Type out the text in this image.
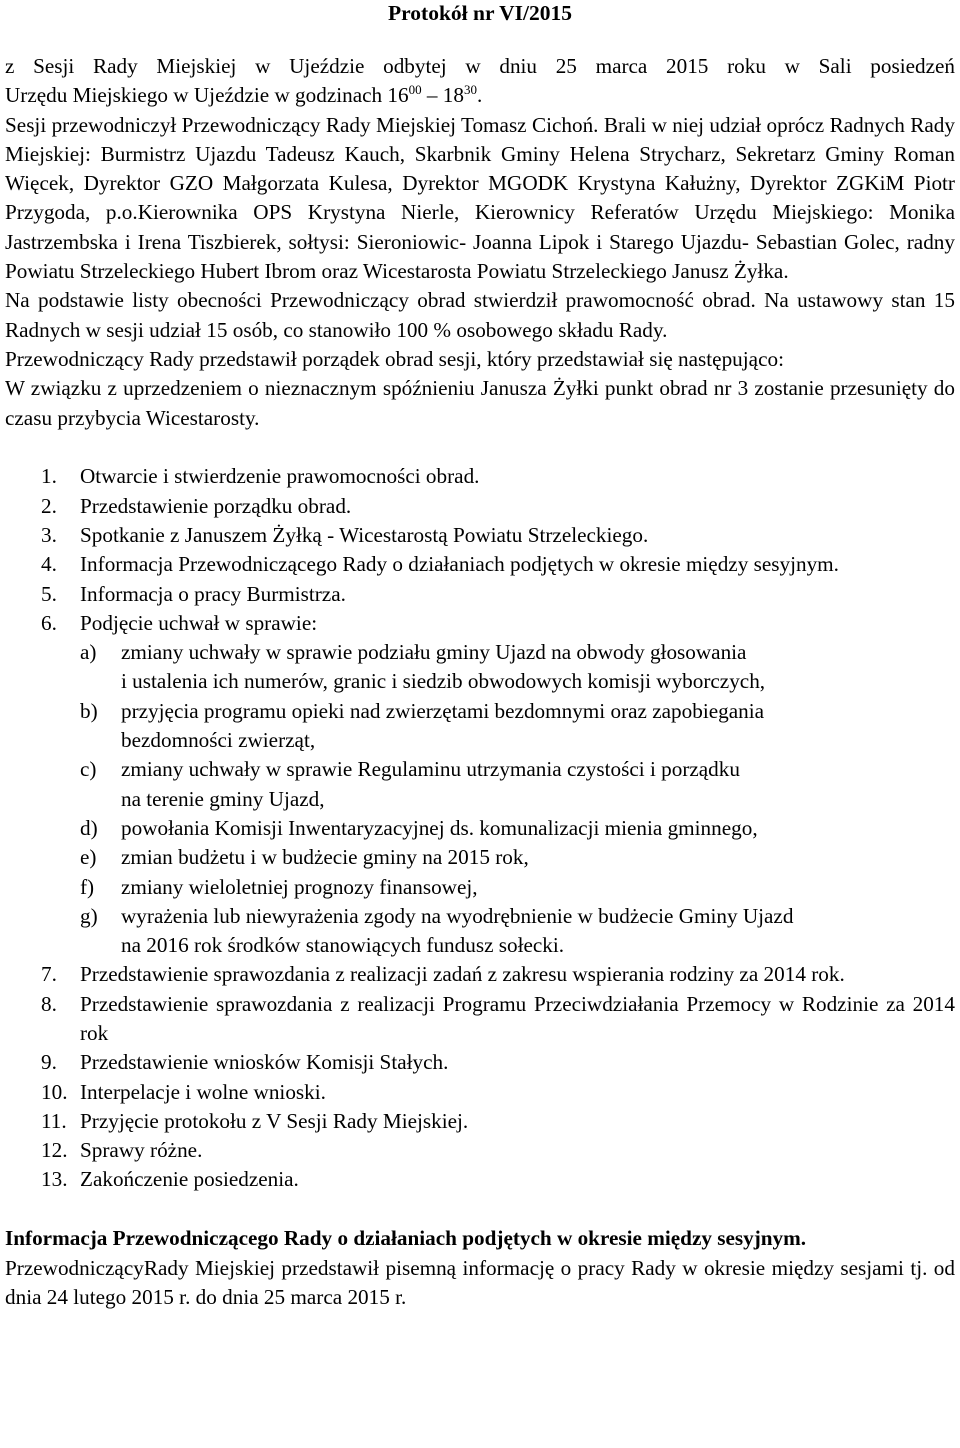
Protokół nr VI/2015

z Sesji Rady Miejskiej w Ujeździe odbytej w dniu 25 marca 2015 roku w Sali posiedzeń

Urzędu Miejskiego w Ujeździe w godzinach $16^{00} - 18^{30}$.

Sesji przewodniczył Przewodniczący Rady Miejskiej Tomasz Cichoń. Brali w niej udział oprócz Radnych Rady Miejskiej: Burmistrz Ujazdu Tadeusz Kauch, Skarbnik Gminy Helena Strycharz, Sekretarz Gminy Roman Więcek, Dyrektor GZO Małgorzata Kulesa, Dyrektor MGODK Krystyna Kałużny, Dyrektor ZGKiM Piotr Przygoda, p.o.Kierownika OPS Krystyna Nierle, Kierownicy Referatów Urzędu Miejskiego: Monika Jastrzembska i Irena Tiszbierek, sołtysi: Sieroniowic- Joanna Lipok i Starego Ujazdu- Sebastian Golec, radny Powiatu Strzeleckiego Hubert Ibrom oraz Wicestarosta Powiatu Strzeleckiego Janusz Żyłka.

Na podstawie listy obecności Przewodniczący obrad stwierdził prawomocność obrad. Na ustawowy stan 15 Radnych w sesji udział 15 osób, co stanowiło 100 % osobowego składu Rady.

Przewodniczący Rady przedstawił porządek obrad sesji, który przedstawiał się następująco:

W związku z uprzedzeniem o nieznacznym spóźnieniu Janusza Żyłki punkt obrad nr 3 zostanie przesunięty do czasu przybycia Wicestarosty.

1. Otwarcie i stwierdzenie prawomocności obrad.
2. Przedstawienie porządku obrad.
3. Spotkanie z Januszem Żyłką - Wicestarostą Powiatu Strzeleckiego.
4. Informacja Przewodniczącego Rady o działaniach podjętych w okresie między sesyjnym.
5. Informacja o pracy Burmistrza.
6. Podjęcie uchwał w sprawie:
a) zmiany uchwały w sprawie podziału gminy Ujazd na obwody głosowania
i ustalenia ich numerów, granic i siedzib obwodowych komisji wyborczych,
b) przyjęcia programu opieki nad zwierzętami bezdomnymi oraz zapobiegania
bezdomności zwierząt,
c) zmiany uchwały w sprawie Regulaminu utrzymania czystości i porządku
na terenie gminy Ujazd,
d) powołania Komisji Inwentaryzacyjnej ds. komunalizacji mienia gminnego,
e) zmian budżetu i w budżecie gminy na 2015 rok,
f) zmiany wieloletniej prognozy finansowej,
g) wyrażenia lub niewyrażenia zgody na wyodrębnienie w budżecie Gminy Ujazd
na 2016 rok środków stanowiących fundusz sołecki.
7. Przedstawienie sprawozdania z realizacji zadań z zakresu wspierania rodziny za 2014 rok.
8. Przedstawienie sprawozdania z realizacji Programu Przeciwdziałania Przemocy w Rodzinie za 2014 rok
9. Przedstawienie wniosków Komisji Stałych.
10. Interpelacje i wolne wnioski.
11. Przyjęcie protokołu z V Sesji Rady Miejskiej.
12. Sprawy różne.
13. Zakończenie posiedzenia.

Informacja Przewodniczącego Rady o działaniach podjętych w okresie między sesyjnym.

PrzewodniczącyRady Miejskiej przedstawił pisemną informację o pracy Rady w okresie między sesjami tj. od dnia 24 lutego 2015 r. do dnia 25 marca 2015 r.
